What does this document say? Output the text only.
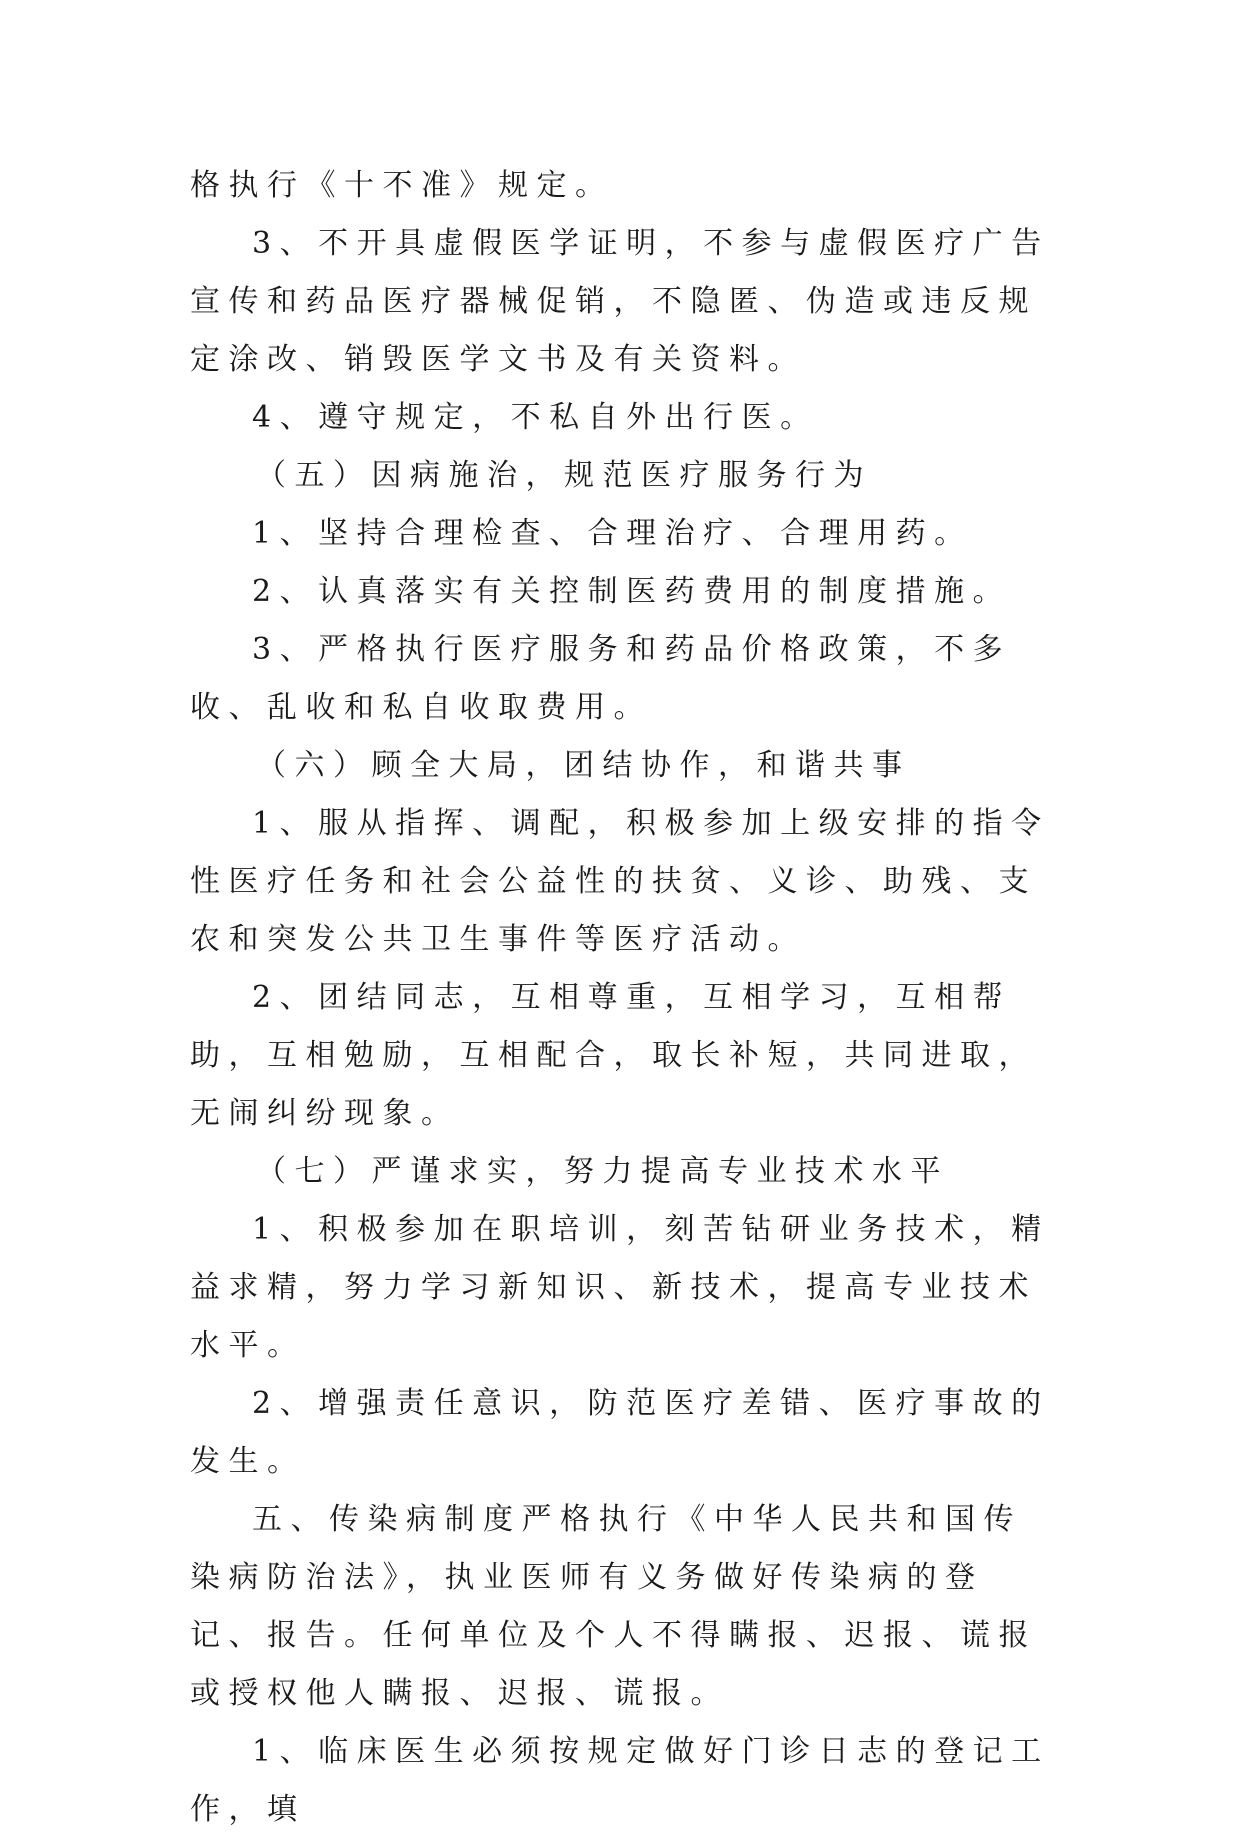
格执行《十不准》规定。

3、不开具虚假医学证明，不参与虚假医疗广告宣传和药品医疗器械促销，不隐匿、伪造或违反规定涂改、销毁医学文书及有关资料。

4、遵守规定，不私自外出行医。

（五）因病施治，规范医疗服务行为

1、坚持合理检查、合理治疗、合理用药。

2、认真落实有关控制医药费用的制度措施。

3、严格执行医疗服务和药品价格政策，不多收、乱收和私自收取费用。

（六）顾全大局，团结协作，和谐共事

1、服从指挥、调配，积极参加上级安排的指令性医疗任务和社会公益性的扶贫、义诊、助残、支农和突发公共卫生事件等医疗活动。

2、团结同志，互相尊重，互相学习，互相帮助，互相勉励，互相配合，取长补短，共同进取，无闹纠纷现象。

（七）严谨求实，努力提高专业技术水平

1、积极参加在职培训，刻苦钻研业务技术，精益求精，努力学习新知识、新技术，提高专业技术水平。

2、增强责任意识，防范医疗差错、医疗事故的发生。

五、传染病制度严格执行《中华人民共和国传染病防治法》，执业医师有义务做好传染病的登记、报告。任何单位及个人不得瞒报、迟报、谎报或授权他人瞒报、迟报、谎报。

1、临床医生必须按规定做好门诊日志的登记工作，填
